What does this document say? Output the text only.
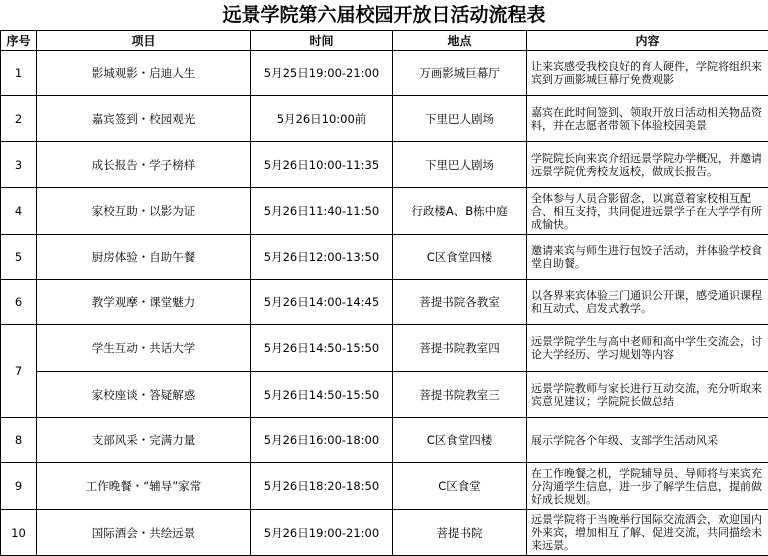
远景学院第六届校园开放日活动流程表
序号	项目	时间	地点	内容
1	影城观影・启迪人生	5月25日19:00-21:00	万画影城巨幕厅	让来宾感受我校良好的育人硬件，学院将组织来宾到万画影城巨幕厅免费观影
2	嘉宾签到・校园观光	5月26日10:00前	下里巴人剧场	嘉宾在此时间签到、领取开放日活动相关物品资料，并在志愿者带领下体验校园美景
3	成长报告・学子榜样	5月26日10:00-11:35	下里巴人剧场	学院院长向来宾介绍远景学院办学概况，并邀请远景学院优秀校友返校，做成长报告。
4	家校互助・以影为证	5月26日11:40-11:50	行政楼A、B栋中庭	全体参与人员合影留念，以寓意着家校相互配合、相互支持，共同促进远景学子在大学学有所成愉快。
5	厨房体验・自助午餐	5月26日12:00-13:50	C区食堂四楼	邀请来宾与师生进行包饺子活动，并体验学校食堂自助餐。
6	教学观摩・课堂魅力	5月26日14:00-14:45	菩提书院各教室	以各界来宾体验三门通识公开课，感受通识课程和互动式、启发式教学。
7	学生互动・共话大学	5月26日14:50-15:50	菩提书院教室四	远景学院学生与高中老师和高中学生交流会，讨论大学经历、学习规划等内容
	家校座谈・答疑解惑	5月26日14:50-15:50	菩提书院教室三	远景学院教师与家长进行互动交流，充分听取来宾意见建议；学院院长做总结
8	支部风采・完满力量	5月26日16:00-18:00	C区食堂四楼	展示学院各个年级、支部学生活动风采
9	工作晚餐・“辅导”家常	5月26日18:20-18:50	C区食堂	在工作晚餐之机，学院辅导员、导师将与来宾充分沟通学生信息，进一步了解学生信息，提前做好成长规划。
10	国际酒会・共绘远景	5月26日19:00-21:00	菩提书院	远景学院将于当晚举行国际交流酒会，欢迎国内外来宾，增加相互了解、促进交流，共同描绘未来远景。
